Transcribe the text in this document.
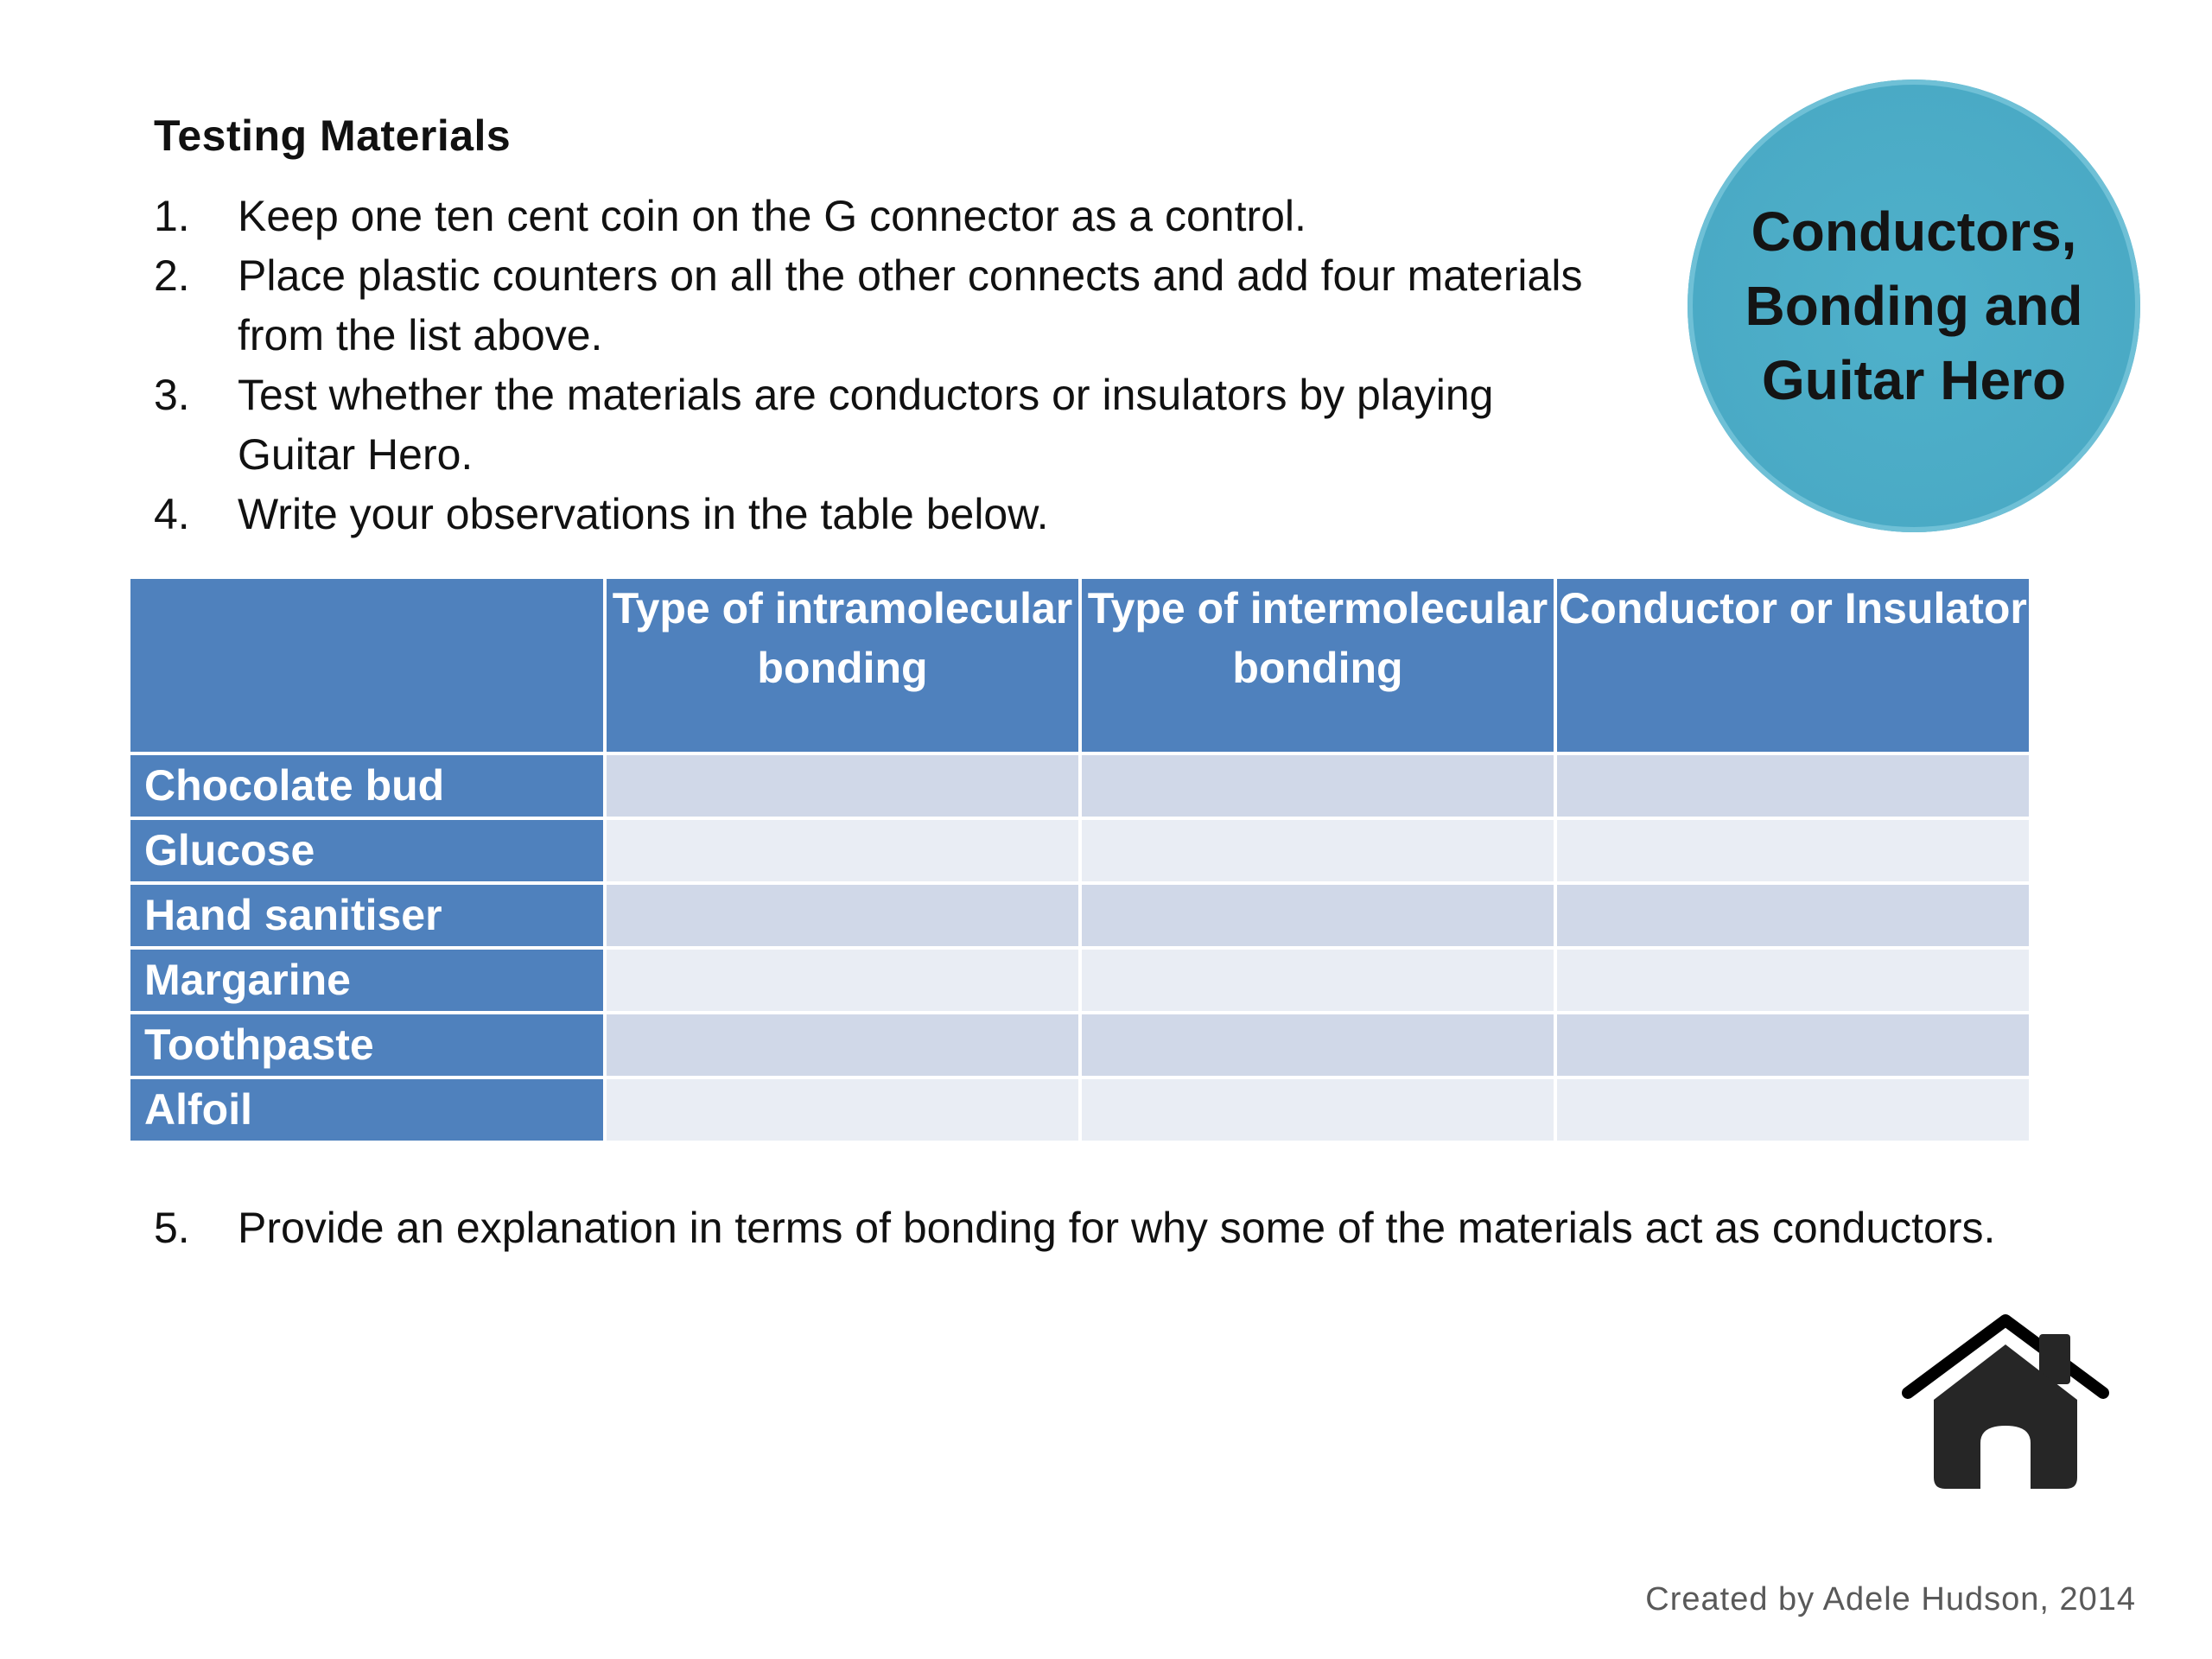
Testing Materials
1.	Keep one ten cent coin on the G connector as a control.
2.	Place plastic counters on all the other connects and add four materials from the list above.
3.	Test whether the materials are conductors or insulators by playing Guitar Hero.
4.	Write your observations in the table below.
Conductors, Bonding and Guitar Hero
	Type of intramolecular bonding	Type of intermolecular bonding	Conductor or Insulator
Chocolate bud			
Glucose			
Hand sanitiser			
Margarine			
Toothpaste			
Alfoil			
5.	Provide an explanation in terms of bonding for why some of the materials act as conductors.
Created by Adele Hudson, 2014
